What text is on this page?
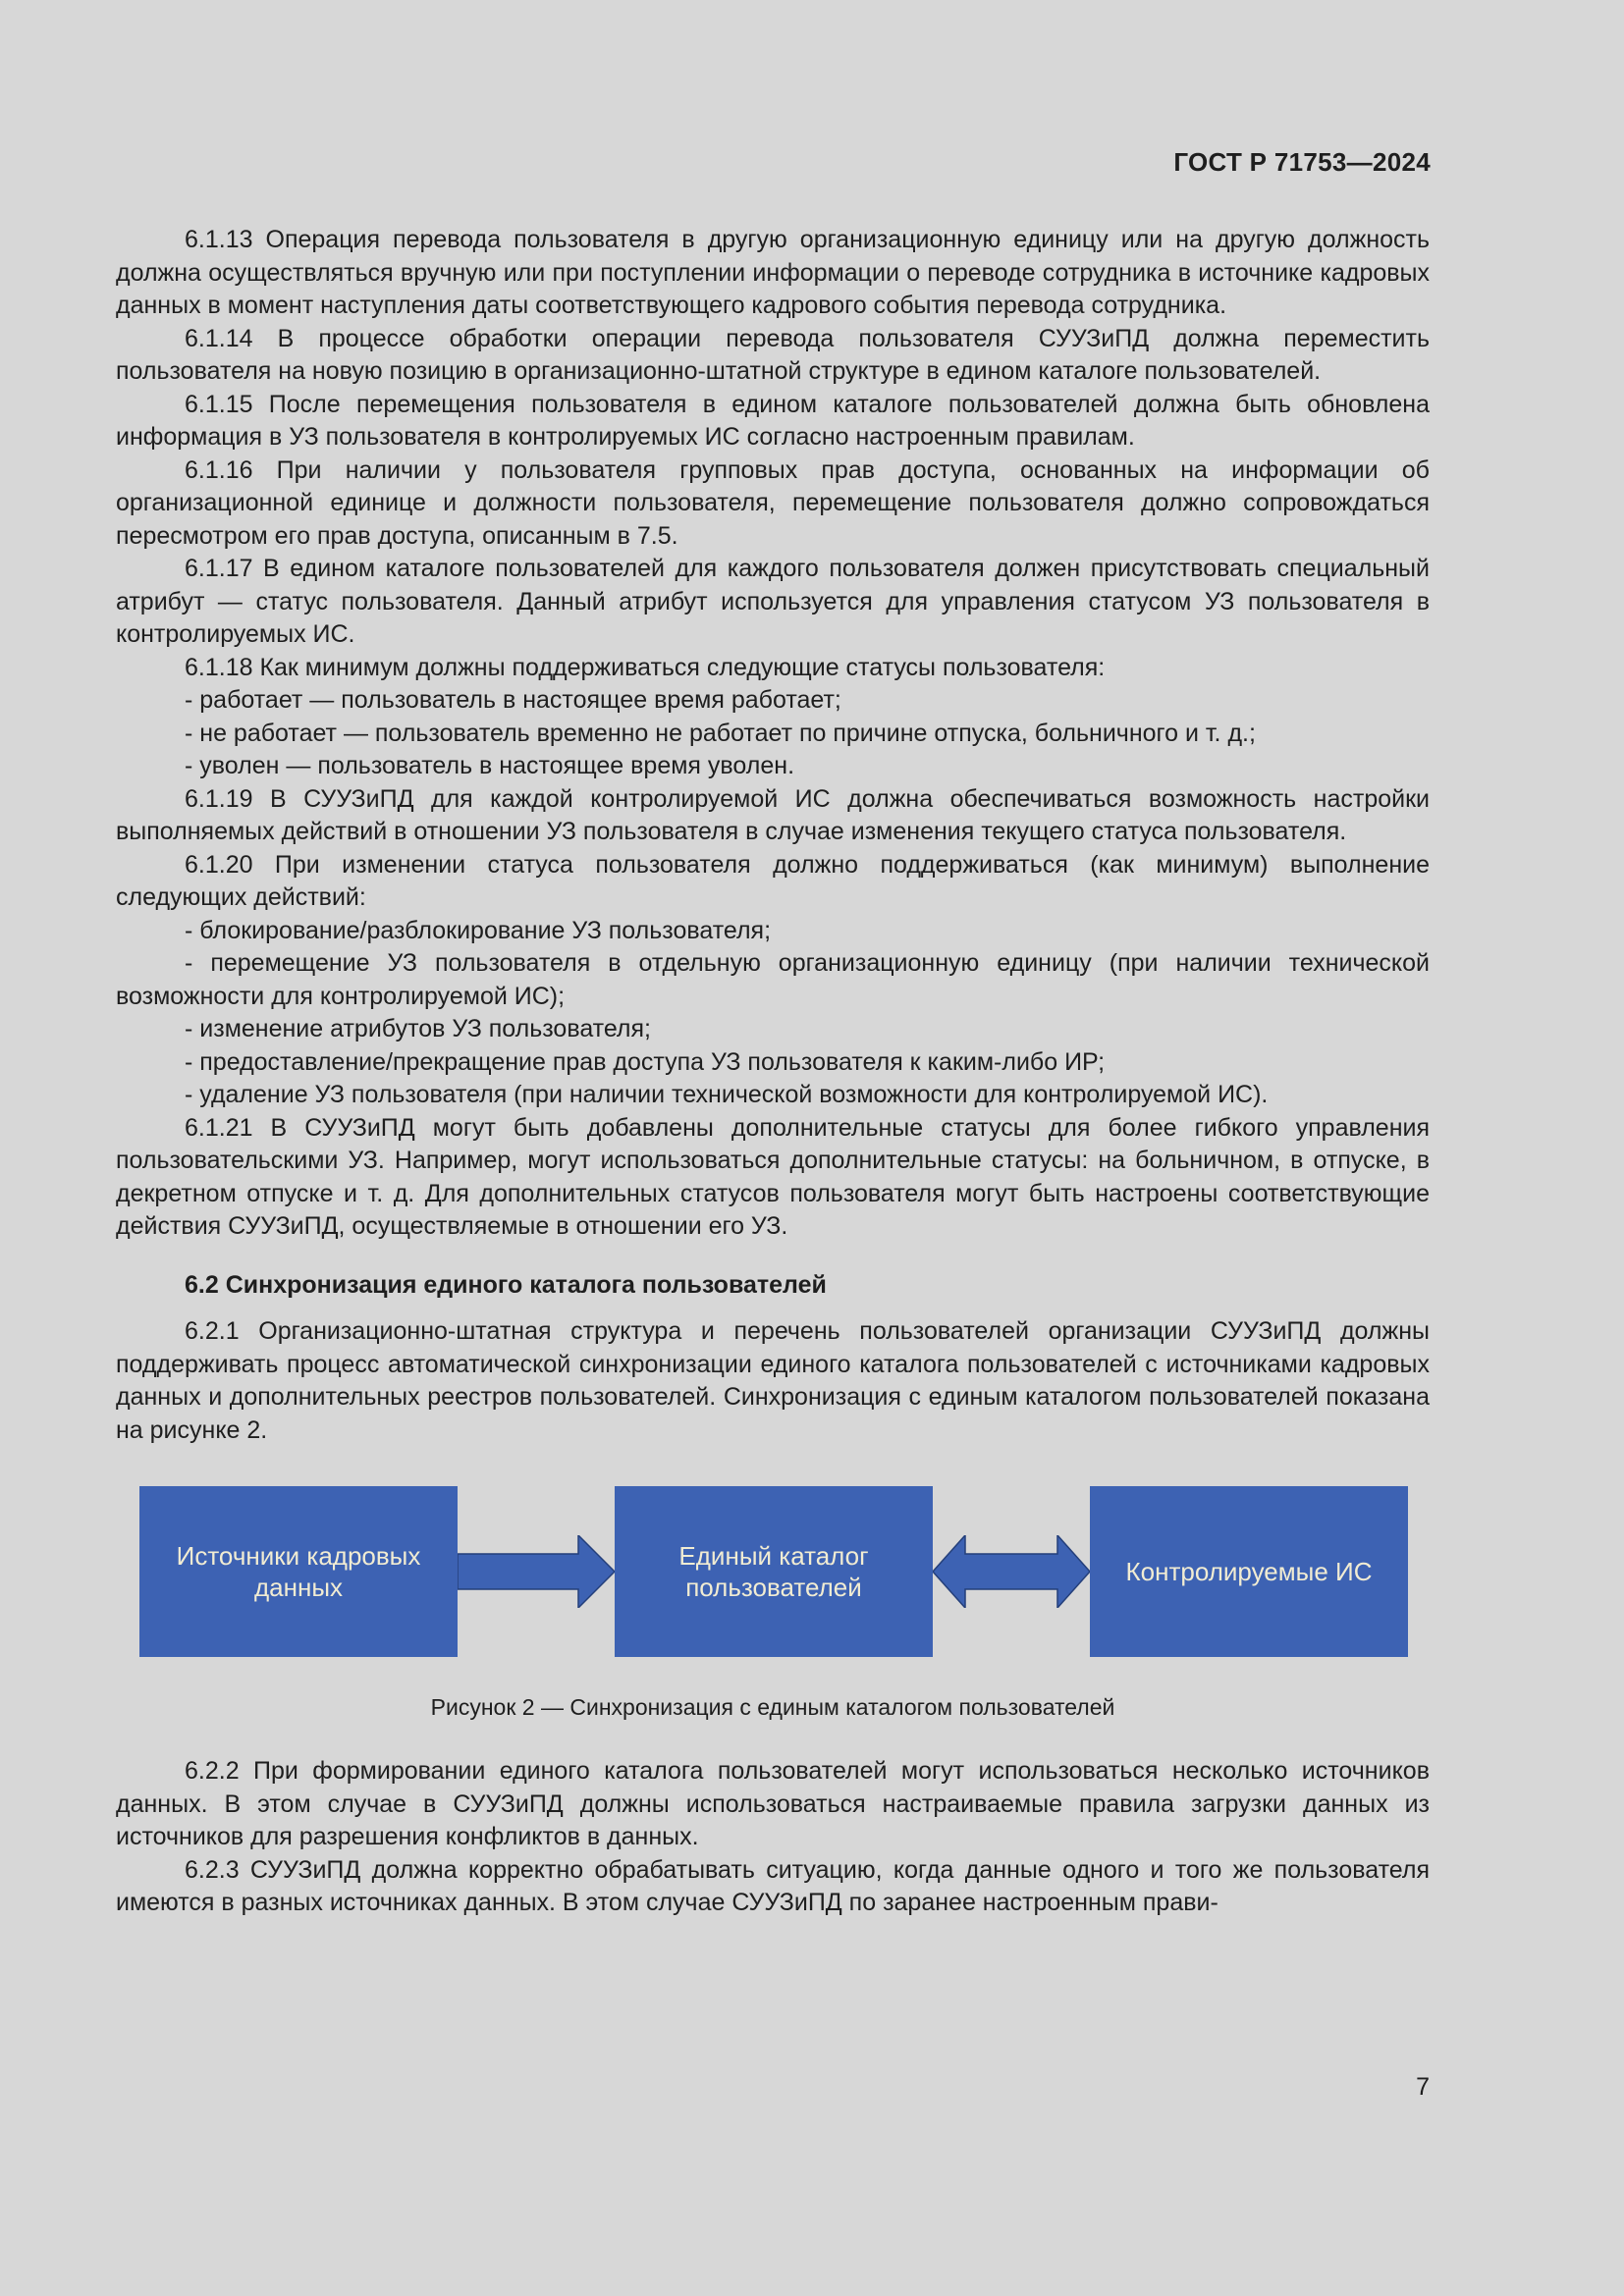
ГОСТ Р 71753—2024

6.1.13 Операция перевода пользователя в другую организационную единицу или на другую должность должна осуществляться вручную или при поступлении информации о переводе сотрудника в источнике кадровых данных в момент наступления даты соответствующего кадрового события перевода сотрудника.

6.1.14 В процессе обработки операции перевода пользователя СУУЗиПД должна переместить пользователя на новую позицию в организационно-штатной структуре в едином каталоге пользователей.

6.1.15 После перемещения пользователя в едином каталоге пользователей должна быть обновлена информация в УЗ пользователя в контролируемых ИС согласно настроенным правилам.

6.1.16 При наличии у пользователя групповых прав доступа, основанных на информации об организационной единице и должности пользователя, перемещение пользователя должно сопровождаться пересмотром его прав доступа, описанным в 7.5.

6.1.17 В едином каталоге пользователей для каждого пользователя должен присутствовать специальный атрибут — статус пользователя. Данный атрибут используется для управления статусом УЗ пользователя в контролируемых ИС.

6.1.18 Как минимум должны поддерживаться следующие статусы пользователя:

- работает — пользователь в настоящее время работает;

- не работает — пользователь временно не работает по причине отпуска, больничного и т. д.;

- уволен — пользователь в настоящее время уволен.

6.1.19 В СУУЗиПД для каждой контролируемой ИС должна обеспечиваться возможность настройки выполняемых действий в отношении УЗ пользователя в случае изменения текущего статуса пользователя.

6.1.20 При изменении статуса пользователя должно поддерживаться (как минимум) выполнение следующих действий:

- блокирование/разблокирование УЗ пользователя;

- перемещение УЗ пользователя в отдельную организационную единицу (при наличии технической возможности для контролируемой ИС);

- изменение атрибутов УЗ пользователя;

- предоставление/прекращение прав доступа УЗ пользователя к каким-либо ИР;

- удаление УЗ пользователя (при наличии технической возможности для контролируемой ИС).

6.1.21 В СУУЗиПД могут быть добавлены дополнительные статусы для более гибкого управления пользовательскими УЗ. Например, могут использоваться дополнительные статусы: на больничном, в отпуске, в декретном отпуске и т. д. Для дополнительных статусов пользователя могут быть настроены соответствующие действия СУУЗиПД, осуществляемые в отношении его УЗ.

6.2 Синхронизация единого каталога пользователей

6.2.1 Организационно-штатная структура и перечень пользователей организации СУУЗиПД должны поддерживать процесс автоматической синхронизации единого каталога пользователей с источниками кадровых данных и дополнительных реестров пользователей. Синхронизация с единым каталогом пользователей показана на рисунке 2.

Источники кадровых данных
Единый каталог пользователей
Контролируемые ИС
Рисунок 2 — Синхронизация с единым каталогом пользователей

6.2.2 При формировании единого каталога пользователей могут использоваться несколько источников данных. В этом случае в СУУЗиПД должны использоваться настраиваемые правила загрузки данных из источников для разрешения конфликтов в данных.

6.2.3 СУУЗиПД должна корректно обрабатывать ситуацию, когда данные одного и того же пользователя имеются в разных источниках данных. В этом случае СУУЗиПД по заранее настроенным прави-

7
